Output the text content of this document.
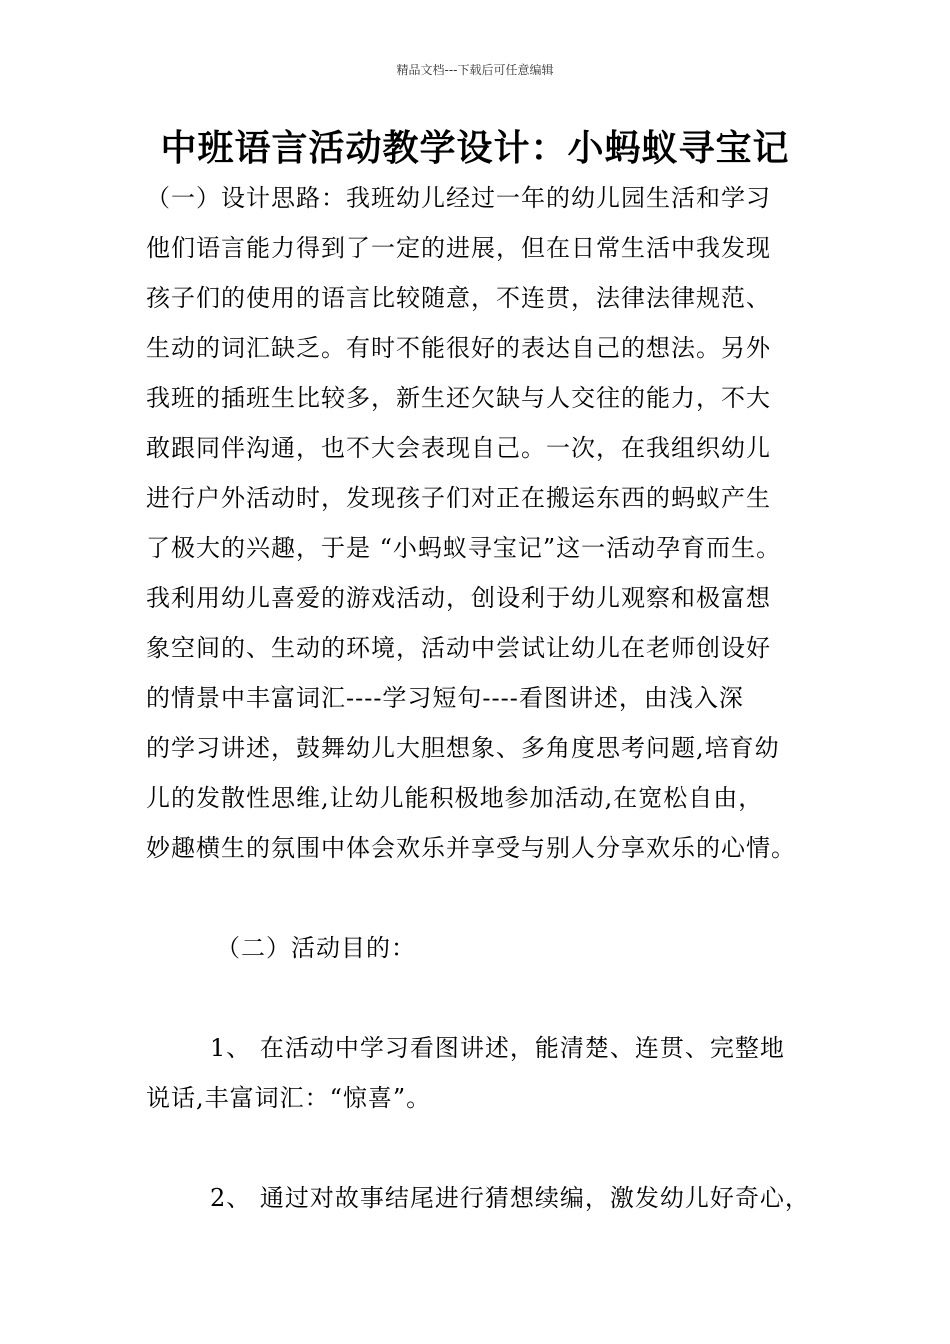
精品文档---下载后可任意编辑
中班语言活动教学设计：小蚂蚁寻宝记
（一）设计思路：我班幼儿经过一年的幼儿园生活和学习
他们语言能力得到了一定的进展，但在日常生活中我发现
孩子们的使用的语言比较随意，不连贯，法律法律规范、
生动的词汇缺乏。有时不能很好的表达自己的想法。另外
我班的插班生比较多，新生还欠缺与人交往的能力，不大
敢跟同伴沟通，也不大会表现自己。一次，在我组织幼儿
进行户外活动时，发现孩子们对正在搬运东西的蚂蚁产生
了极大的兴趣，于是 “小蚂蚁寻宝记”这一活动孕育而生。
我利用幼儿喜爱的游戏活动，创设利于幼儿观察和极富想
象空间的、生动的环境，活动中尝试让幼儿在老师创设好
的情景中丰富词汇----学习短句----看图讲述，由浅入深
的学习讲述，鼓舞幼儿大胆想象、多角度思考问题,培育幼
儿的发散性思维,让幼儿能积极地参加活动,在宽松自由，
妙趣横生的氛围中体会欢乐并享受与别人分享欢乐的心情。
（二）活动目的：
1、 在活动中学习看图讲述，能清楚、连贯、完整地
说话,丰富词汇：“惊喜”。
2、 通过对故事结尾进行猜想续编，激发幼儿好奇心，
